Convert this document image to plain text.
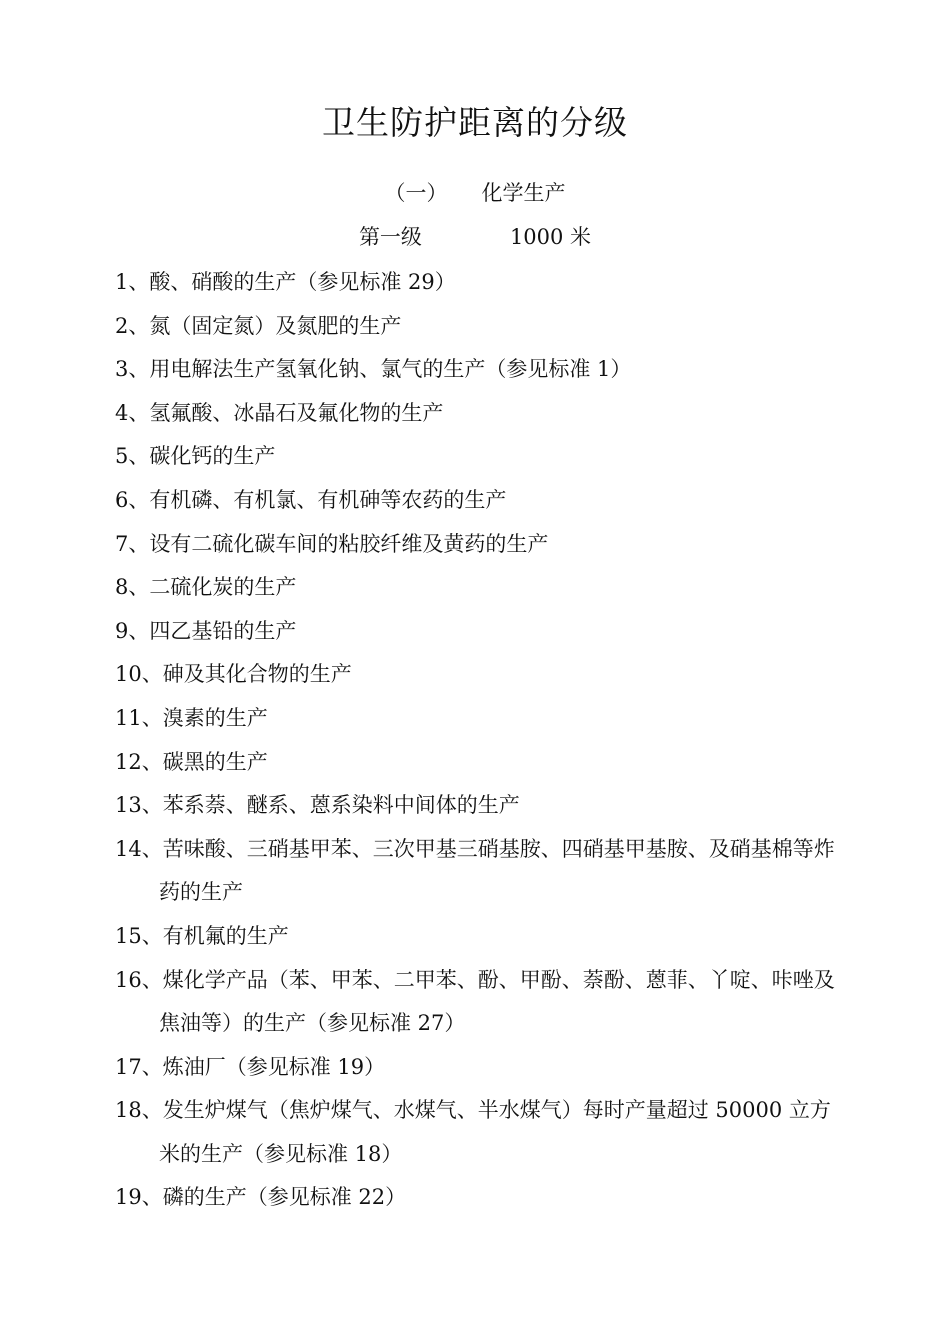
卫生防护距离的分级
（一） 化学生产
第一级	1000 米
1、酸、硝酸的生产（参见标准 29）
2、氮（固定氮）及氮肥的生产
3、用电解法生产氢氧化钠、氯气的生产（参见标准 1）
4、氢氟酸、冰晶石及氟化物的生产
5、碳化钙的生产
6、有机磷、有机氯、有机砷等农药的生产
7、设有二硫化碳车间的粘胶纤维及黄药的生产
8、二硫化炭的生产
9、四乙基铅的生产
10、砷及其化合物的生产
11、溴素的生产
12、碳黑的生产
13、苯系萘、醚系、蒽系染料中间体的生产
14、苦味酸、三硝基甲苯、三次甲基三硝基胺、四硝基甲基胺、及硝基棉等炸药的生产
15、有机氟的生产
16、煤化学产品（苯、甲苯、二甲苯、酚、甲酚、萘酚、蒽菲、丫啶、咔唑及焦油等）的生产（参见标准 27）
17、炼油厂（参见标准 19）
18、发生炉煤气（焦炉煤气、水煤气、半水煤气）每时产量超过 50000 立方米的生产（参见标准 18）
19、磷的生产（参见标准 22）
